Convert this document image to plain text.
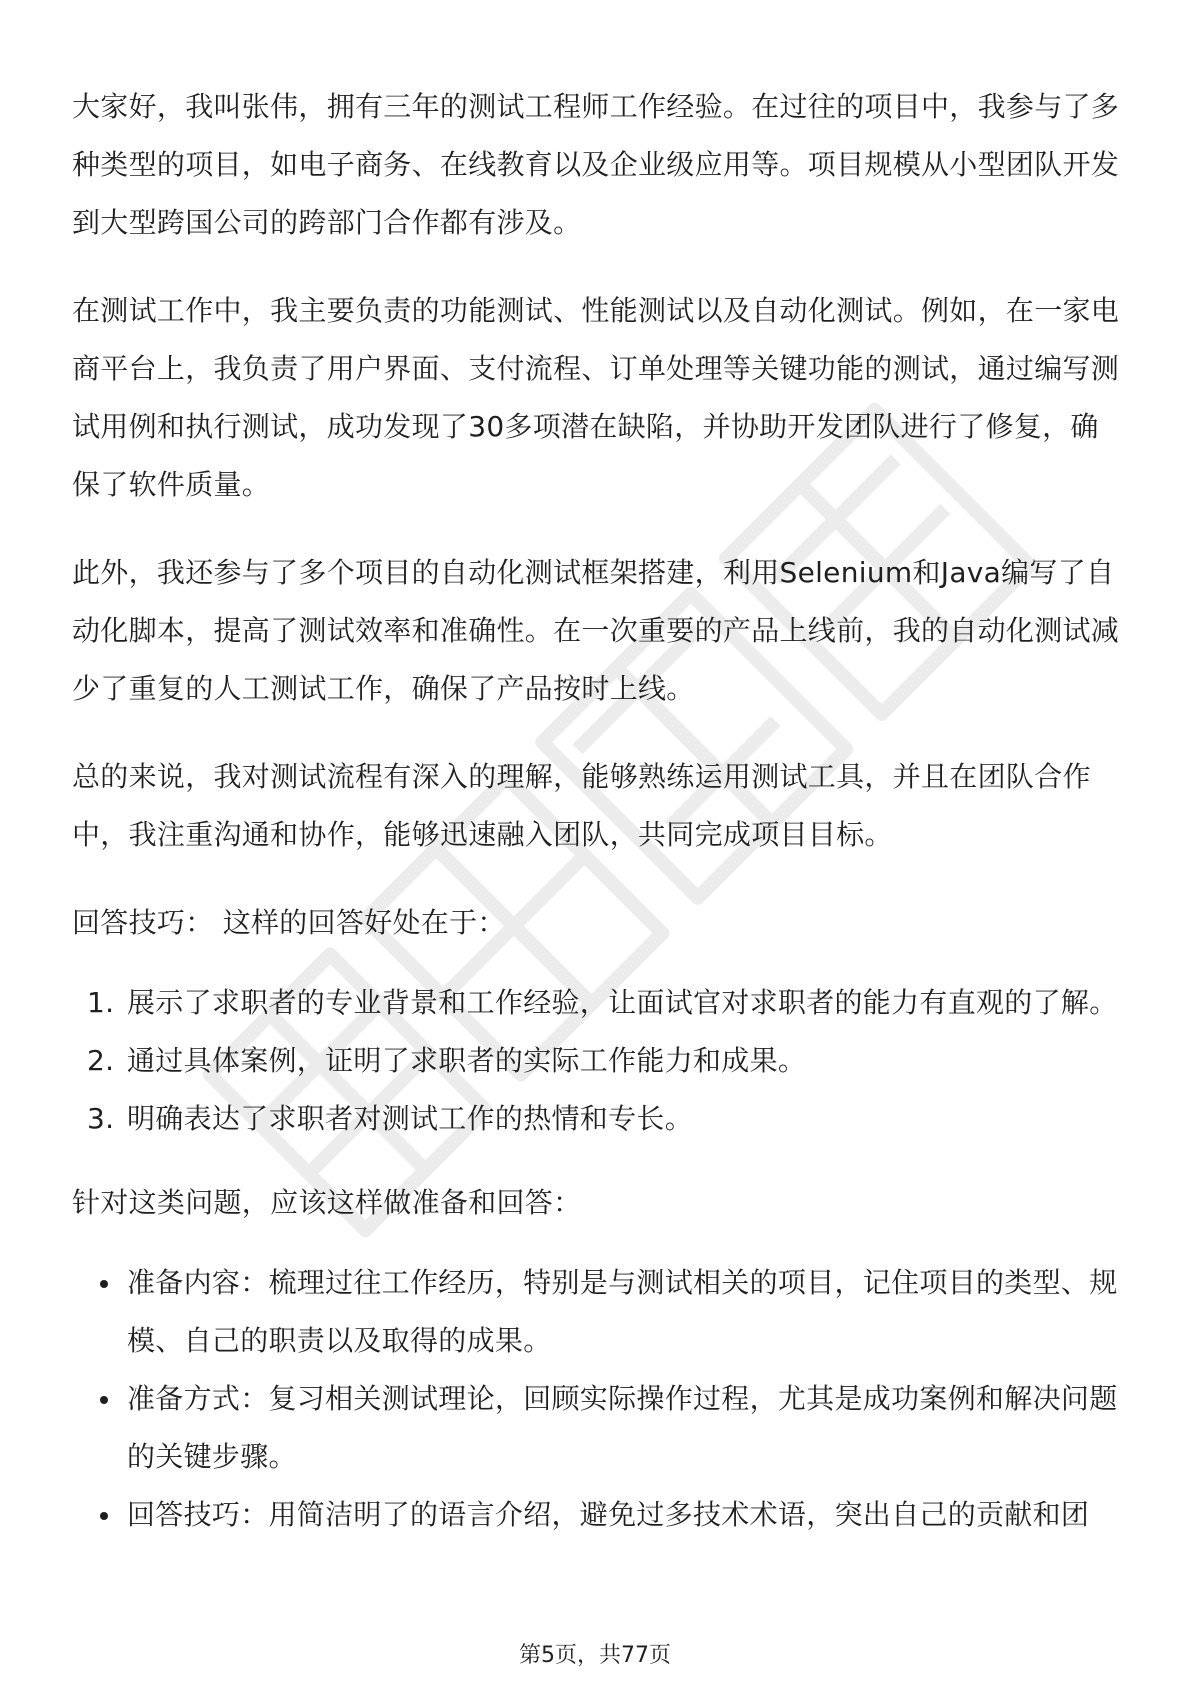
大家好，我叫张伟，拥有三年的测试工程师工作经验。在过往的项目中，我参与了多种类型的项目，如电子商务、在线教育以及企业级应用等。项目规模从小型团队开发到大型跨国公司的跨部门合作都有涉及。

在测试工作中，我主要负责的功能测试、性能测试以及自动化测试。例如，在一家电商平台上，我负责了用户界面、支付流程、订单处理等关键功能的测试，通过编写测试用例和执行测试，成功发现了30多项潜在缺陷，并协助开发团队进行了修复，确保了软件质量。

此外，我还参与了多个项目的自动化测试框架搭建，利用Selenium和Java编写了自动化脚本，提高了测试效率和准确性。在一次重要的产品上线前，我的自动化测试减少了重复的人工测试工作，确保了产品按时上线。

总的来说，我对测试流程有深入的理解，能够熟练运用测试工具，并且在团队合作中，我注重沟通和协作，能够迅速融入团队，共同完成项目目标。

回答技巧： 这样的回答好处在于：

1. 展示了求职者的专业背景和工作经验，让面试官对求职者的能力有直观的了解。
2. 通过具体案例，证明了求职者的实际工作能力和成果。
3. 明确表达了求职者对测试工作的热情和专长。

针对这类问题，应该这样做准备和回答：

准备内容：梳理过往工作经历，特别是与测试相关的项目，记住项目的类型、规模、自己的职责以及取得的成果。
准备方式：复习相关测试理论，回顾实际操作过程，尤其是成功案例和解决问题的关键步骤。
回答技巧：用简洁明了的语言介绍，避免过多技术术语，突出自己的贡献和团
第5页，共77页
